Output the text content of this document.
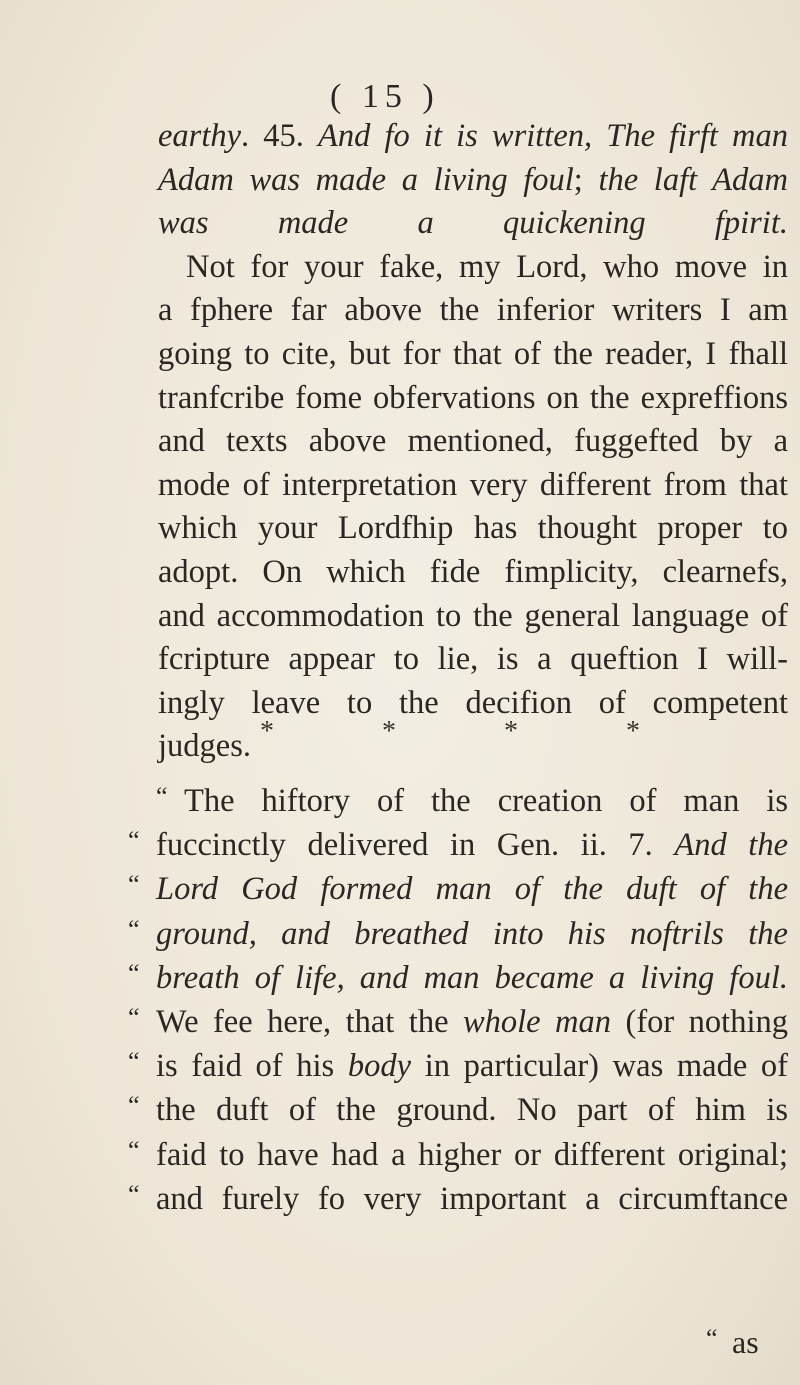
( 15 )
earthy. 45. And fo it is written, The firft man
Adam was made a living foul; the laft Adam
was made a quickening fpirit.
Not for your fake, my Lord, who move in
a fphere far above the inferior writers I am
going to cite, but for that of the reader, I fhall
tranfcribe fome obfervations on the expreffions
and texts above mentioned, fuggefted by a
mode of interpretation very different from that
which your Lordfhip has thought proper to
adopt. On which fide fimplicity, clearnefs,
and accommodation to the general language of
fcripture appear to lie, is a queftion I will-
ingly leave to the decifion of competent
judges. *	*	*	*
“ The hiftory of the creation of man is
“ fuccinctly delivered in Gen. ii. 7. And the
“ Lord God formed man of the duft of the
“ ground, and breathed into his noftrils the
“ breath of life, and man became a living foul.
“ We fee here, that the whole man (for nothing
“ is faid of his body in particular) was made of
“ the duft of the ground. No part of him is
“ faid to have had a higher or different original;
“ and furely fo very important a circumftance
“ as
